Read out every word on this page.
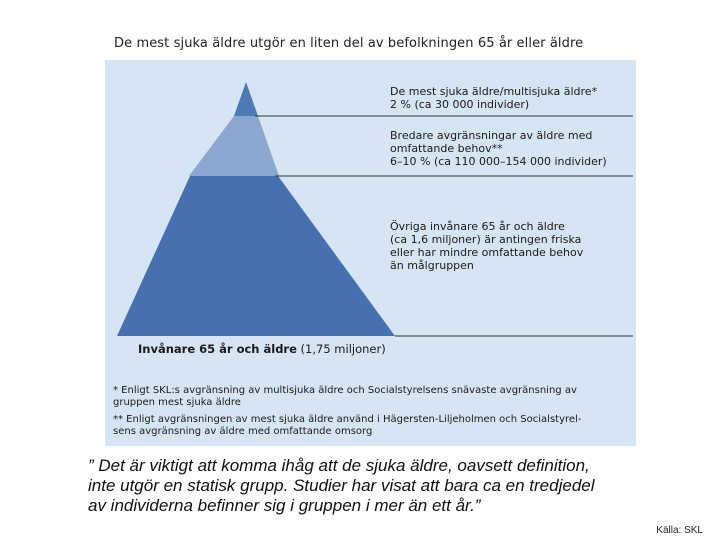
De mest sjuka äldre utgör en liten del av befolkningen 65 år eller äldre
De mest sjuka äldre/multisjuka äldre*
2 % (ca 30 000 individer)
Bredare avgränsningar av äldre med
omfattande behov**
6–10 % (ca 110 000–154 000 individer)
Övriga invånare 65 år och äldre
(ca 1,6 miljoner) är antingen friska
eller har mindre omfattande behov
än målgruppen
Invånare 65 år och äldre (1,75 miljoner)
* Enligt SKL:s avgränsning av multisjuka äldre och Socialstyrelsens snävaste avgränsning av
gruppen mest sjuka äldre
** Enligt avgränsningen av mest sjuka äldre använd i Hägersten-Liljeholmen och Socialstyrel-
sens avgränsning av äldre med omfattande omsorg
” Det är viktigt att komma ihåg att de sjuka äldre, oavsett definition,
inte utgör en statisk grupp. Studier har visat att bara ca en tredjedel
av individerna befinner sig i gruppen i mer än ett år.”
Källa: SKL
